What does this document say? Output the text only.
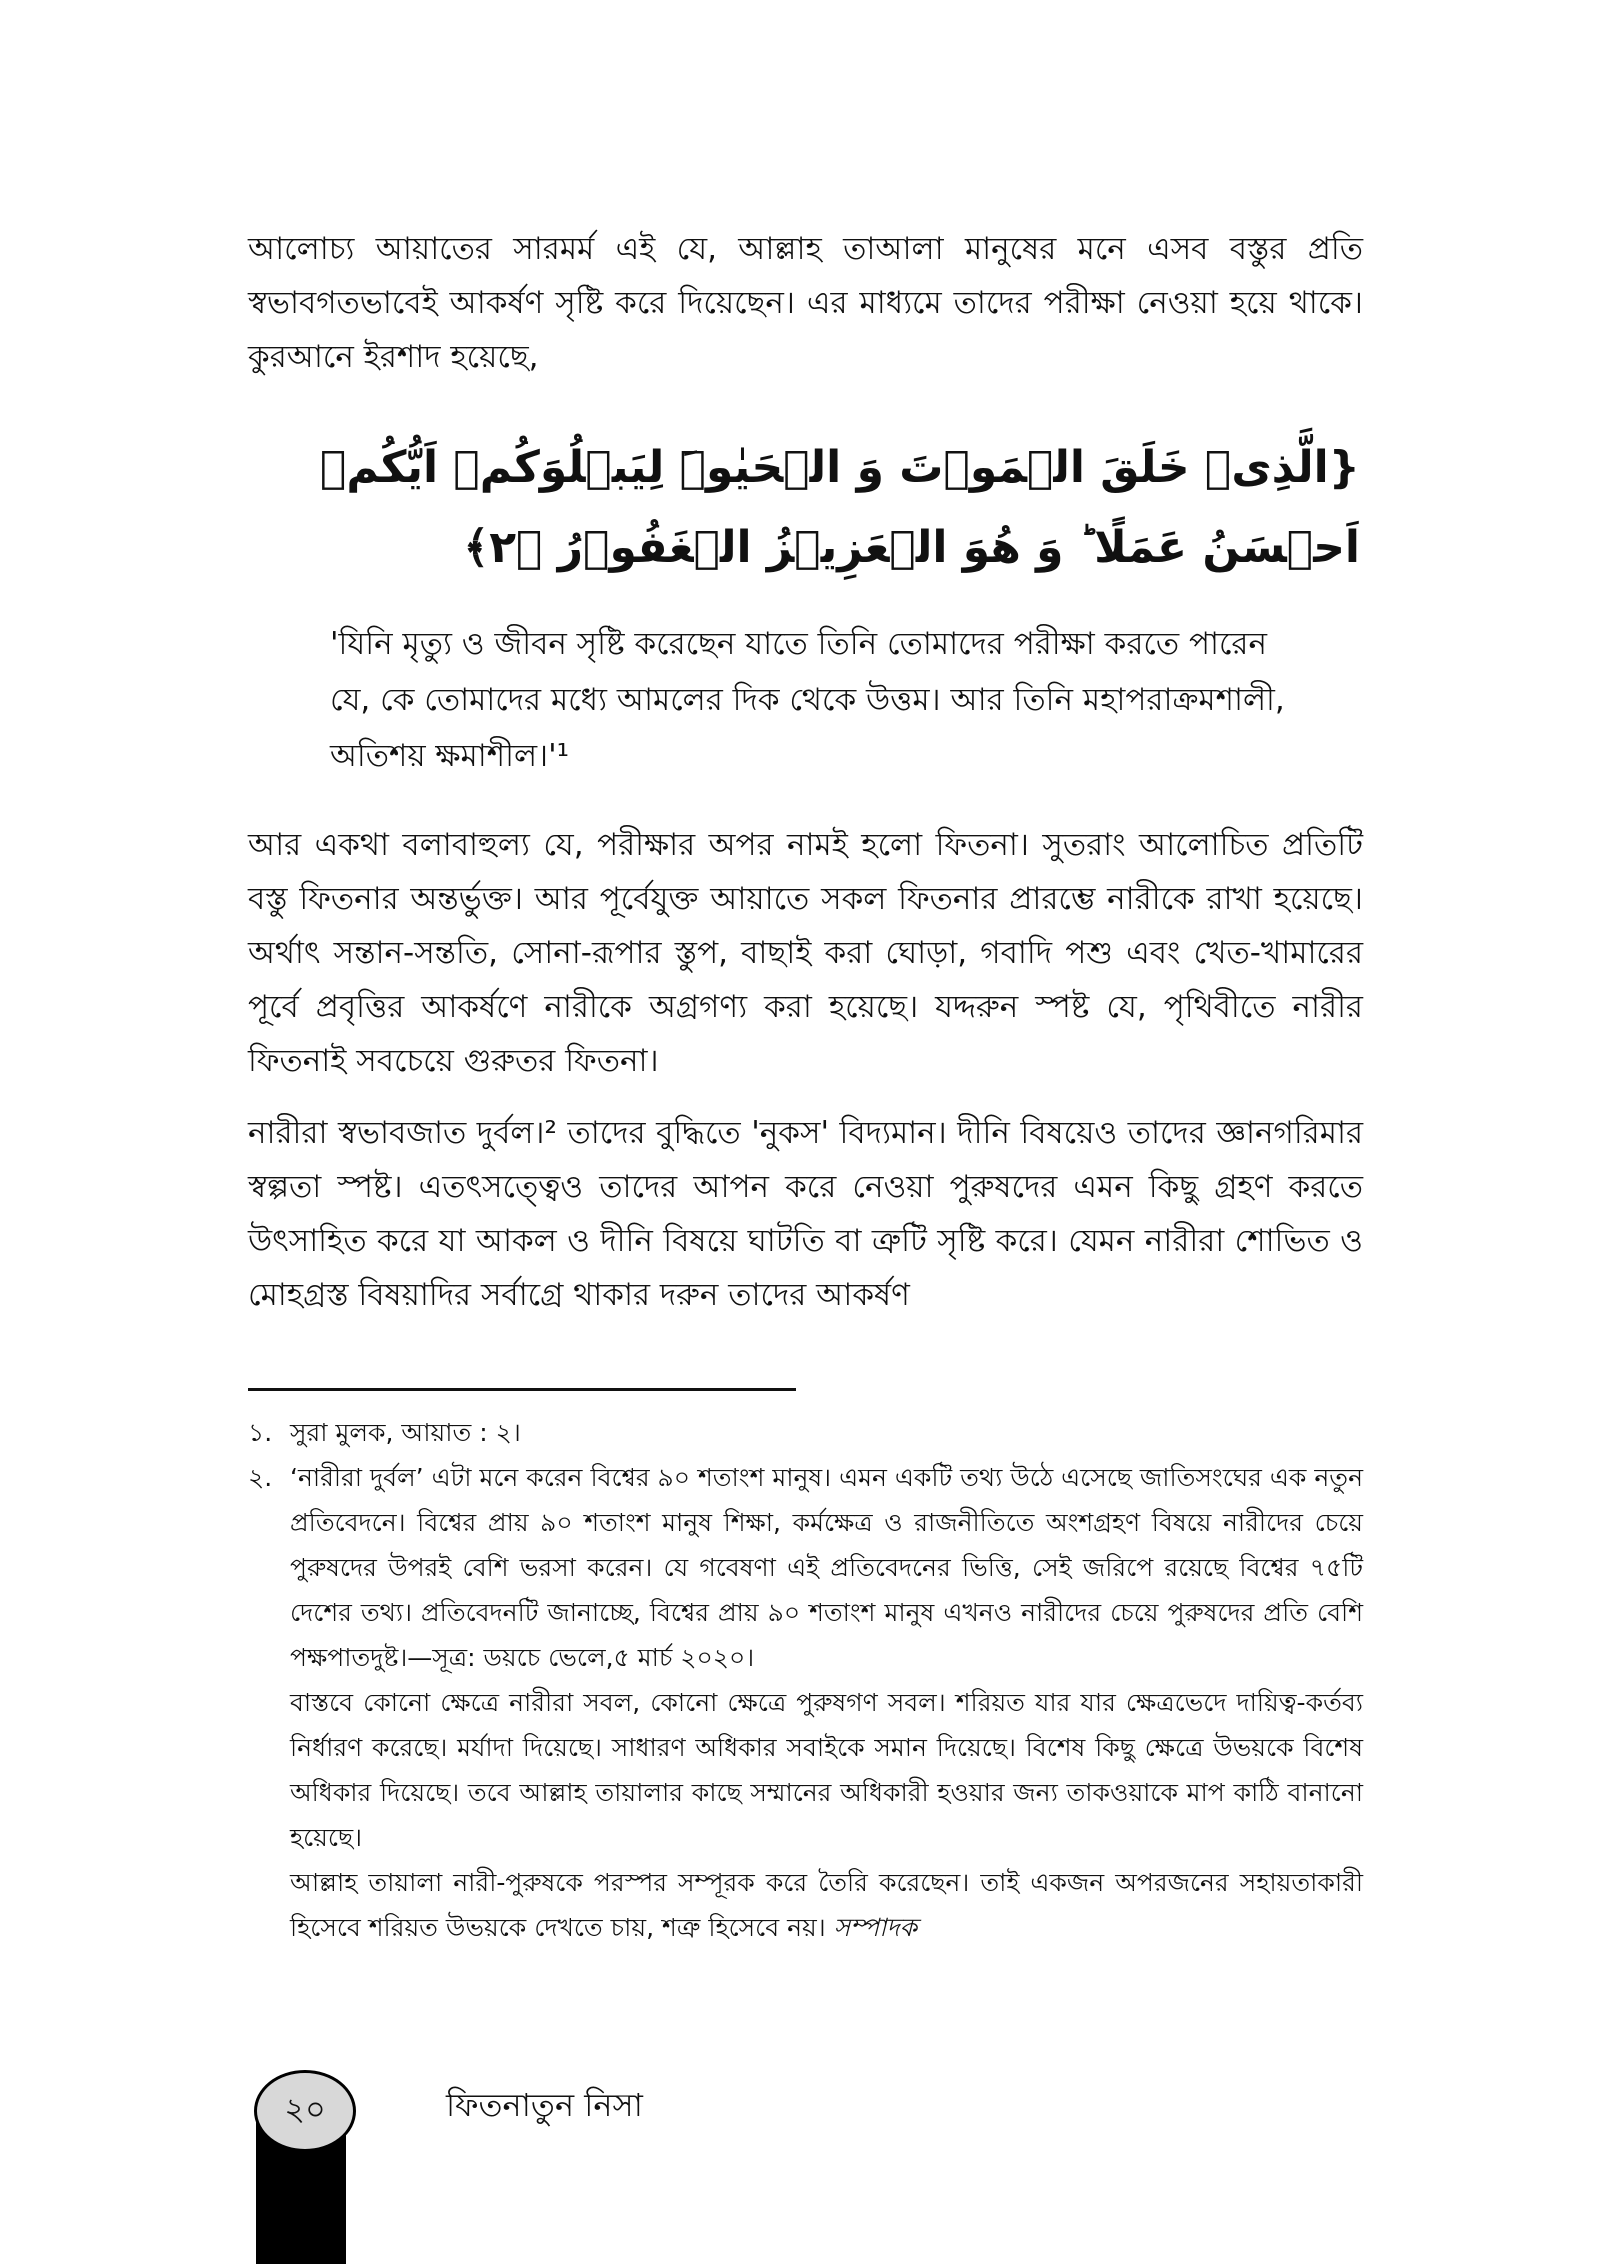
আলোচ্য আয়াতের সারমর্ম এই যে, আল্লাহ তাআলা মানুষের মনে এসব বস্তুর প্রতি স্বভাবগতভাবেই আকর্ষণ সৃষ্টি করে দিয়েছেন। এর মাধ্যমে তাদের পরীক্ষা নেওয়া হয়ে থাকে। কুরআনে ইরশাদ হয়েছে,

{الَّذِیۡ خَلَقَ الۡمَوۡتَ وَ الۡحَیٰوۃَ لِیَبۡلُوَکُمۡ اَیُّکُمۡ اَحۡسَنُ عَمَلًا ؕ وَ هُوَ الۡعَزِیۡزُ الۡغَفُوۡرُ ﴿۲﴾
'যিনি মৃত্যু ও জীবন সৃষ্টি করেছেন যাতে তিনি তোমাদের পরীক্ষা করতে পারেন যে, কে তোমাদের মধ্যে আমলের দিক থেকে উত্তম। আর তিনি মহাপরাক্রমশালী, অতিশয় ক্ষমাশীল।'¹

আর একথা বলাবাহুল্য যে, পরীক্ষার অপর নামই হলো ফিতনা। সুতরাং আলোচিত প্রতিটি বস্তু ফিতনার অন্তর্ভুক্ত। আর পূর্বেযুক্ত আয়াতে সকল ফিতনার প্রারম্ভে নারীকে রাখা হয়েছে। অর্থাৎ সন্তান-সন্ততি, সোনা-রূপার স্তুপ, বাছাই করা ঘোড়া, গবাদি পশু এবং খেত-খামারের পূর্বে প্রবৃত্তির আকর্ষণে নারীকে অগ্রগণ্য করা হয়েছে। যদ্দরুন স্পষ্ট যে, পৃথিবীতে নারীর ফিতনাই সবচেয়ে গুরুতর ফিতনা।

নারীরা স্বভাবজাত দুর্বল।² তাদের বুদ্ধিতে 'নুকস' বিদ্যমান। দীনি বিষয়েও তাদের জ্ঞানগরিমার স্বল্পতা স্পষ্ট। এতৎসত্ত্বেও তাদের আপন করে নেওয়া পুরুষদের এমন কিছু গ্রহণ করতে উৎসাহিত করে যা আকল ও দীনি বিষয়ে ঘাটতি বা ত্রুটি সৃষ্টি করে। যেমন নারীরা শোভিত ও মোহগ্রস্ত বিষয়াদির সর্বাগ্রে থাকার দরুন তাদের আকর্ষণ

১. সুরা মুলক, আয়াত : ২।
২. ‘নারীরা দুর্বল’ এটা মনে করেন বিশ্বের ৯০ শতাংশ মানুষ। এমন একটি তথ্য উঠে এসেছে জাতিসংঘের এক নতুন প্রতিবেদনে। বিশ্বের প্রায় ৯০ শতাংশ মানুষ শিক্ষা, কর্মক্ষেত্র ও রাজনীতিতে অংশগ্রহণ বিষয়ে নারীদের চেয়ে পুরুষদের উপরই বেশি ভরসা করেন। যে গবেষণা এই প্রতিবেদনের ভিত্তি, সেই জরিপে রয়েছে বিশ্বের ৭৫টি দেশের তথ্য। প্রতিবেদনটি জানাচ্ছে, বিশ্বের প্রায় ৯০ শতাংশ মানুষ এখনও নারীদের চেয়ে পুরুষদের প্রতি বেশি পক্ষপাতদুষ্ট।—সূত্র: ডয়চে ভেলে,৫ মার্চ ২০২০।
বাস্তবে কোনো ক্ষেত্রে নারীরা সবল, কোনো ক্ষেত্রে পুরুষগণ সবল। শরিয়ত যার যার ক্ষেত্রভেদে দায়িত্ব-কর্তব্য নির্ধারণ করেছে। মর্যাদা দিয়েছে। সাধারণ অধিকার সবাইকে সমান দিয়েছে। বিশেষ কিছু ক্ষেত্রে উভয়কে বিশেষ অধিকার দিয়েছে। তবে আল্লাহ তায়ালার কাছে সম্মানের অধিকারী হওয়ার জন্য তাকওয়াকে মাপ কাঠি বানানো হয়েছে।
আল্লাহ তায়ালা নারী-পুরুষকে পরস্পর সম্পূরক করে তৈরি করেছেন। তাই একজন অপরজনের সহায়তাকারী হিসেবে শরিয়ত উভয়কে দেখতে চায়, শত্রু হিসেবে নয়। সম্পাদক
২০	ফিতনাতুন নিসা
